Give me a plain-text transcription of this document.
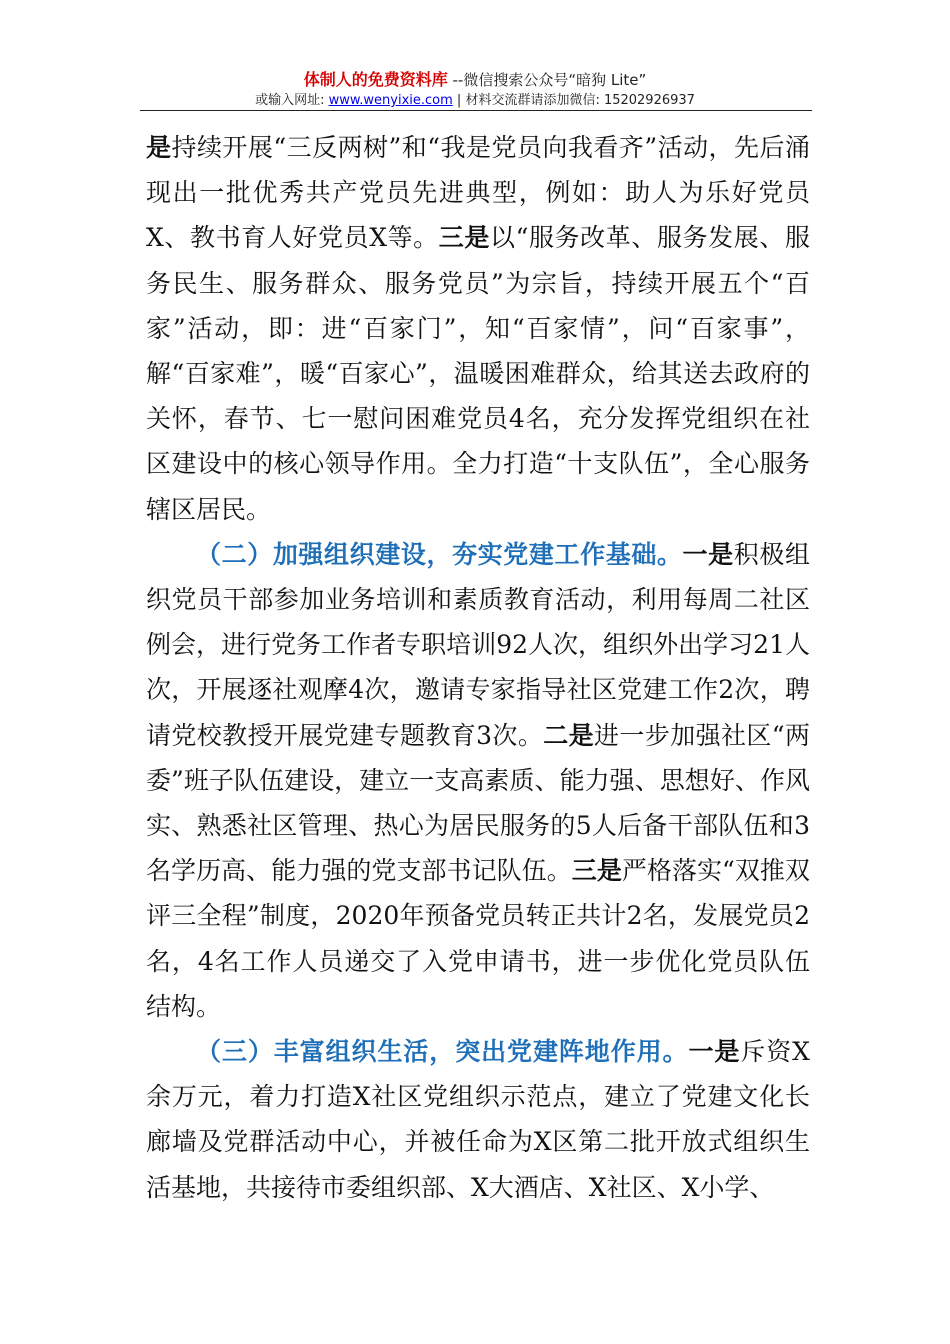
体制人的免费资料库 --微信搜索公众号“暗狗 Lite”
或输入网址: www.wenyixie.com | 材料交流群请添加微信: 15202926937

是持续开展“三反两树”和“我是党员向我看齐”活动，先后涌现出一批优秀共产党员先进典型，例如：助人为乐好党员X、教书育人好党员X等。三是以“服务改革、服务发展、服务民生、服务群众、服务党员”为宗旨，持续开展五个“百家”活动，即：进“百家门”，知“百家情”，问“百家事”，解“百家难”，暖“百家心”，温暖困难群众，给其送去政府的关怀，春节、七一慰问困难党员4名，充分发挥党组织在社区建设中的核心领导作用。全力打造“十支队伍”，全心服务辖区居民。

（二）加强组织建设，夯实党建工作基础。一是积极组织党员干部参加业务培训和素质教育活动，利用每周二社区例会，进行党务工作者专职培训92人次，组织外出学习21人次，开展逐社观摩4次，邀请专家指导社区党建工作2次，聘请党校教授开展党建专题教育3次。二是进一步加强社区“两委”班子队伍建设，建立一支高素质、能力强、思想好、作风实、熟悉社区管理、热心为居民服务的5人后备干部队伍和3名学历高、能力强的党支部书记队伍。三是严格落实“双推双评三全程”制度，2020年预备党员转正共计2名，发展党员2名，4名工作人员递交了入党申请书，进一步优化党员队伍结构。

（三）丰富组织生活，突出党建阵地作用。一是斥资X余万元，着力打造X社区党组织示范点，建立了党建文化长廊墙及党群活动中心，并被任命为X区第二批开放式组织生活基地，共接待市委组织部、X大酒店、X社区、X小学、
